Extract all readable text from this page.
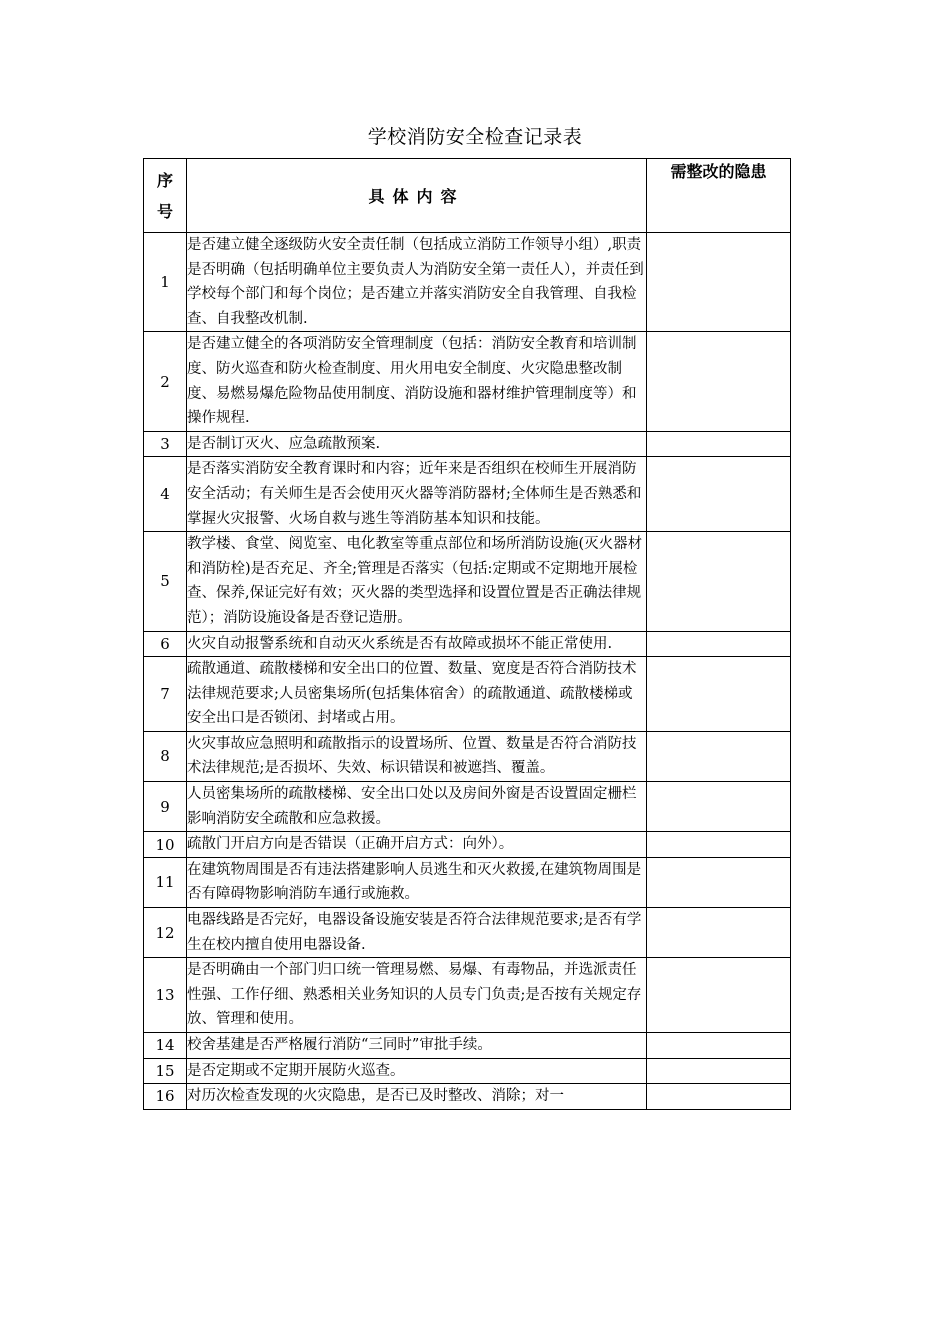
学校消防安全检查记录表
序
号	具体内容	需整改的隐患
1	是否建立健全逐级防火安全责任制（包括成立消防工作领导小组）,职责是否明确（包括明确单位主要负责人为消防安全第一责任人），并责任到学校每个部门和每个岗位；是否建立并落实消防安全自我管理、自我检查、自我整改机制.	
2	是否建立健全的各项消防安全管理制度（包括：消防安全教育和培训制度、防火巡查和防火检查制度、用火用电安全制度、火灾隐患整改制度、易燃易爆危险物品使用制度、消防设施和器材维护管理制度等）和操作规程.	
3	是否制订灭火、应急疏散预案.	
4	是否落实消防安全教育课时和内容；近年来是否组织在校师生开展消防安全活动；有关师生是否会使用灭火器等消防器材;全体师生是否熟悉和掌握火灾报警、火场自救与逃生等消防基本知识和技能。	
5	教学楼、食堂、阅览室、电化教室等重点部位和场所消防设施(灭火器材和消防栓)是否充足、齐全;管理是否落实（包括:定期或不定期地开展检查、保养,保证完好有效；灭火器的类型选择和设置位置是否正确法律规范）；消防设施设备是否登记造册。	
6	火灾自动报警系统和自动灭火系统是否有故障或损坏不能正常使用.	
7	疏散通道、疏散楼梯和安全出口的位置、数量、宽度是否符合消防技术法律规范要求;人员密集场所(包括集体宿舍）的疏散通道、疏散楼梯或安全出口是否锁闭、封堵或占用。	
8	火灾事故应急照明和疏散指示的设置场所、位置、数量是否符合消防技术法律规范;是否损坏、失效、标识错误和被遮挡、覆盖。	
9	人员密集场所的疏散楼梯、安全出口处以及房间外窗是否设置固定栅栏影响消防安全疏散和应急救援。	
10	疏散门开启方向是否错误（正确开启方式：向外）。	
11	在建筑物周围是否有违法搭建影响人员逃生和灭火救援,在建筑物周围是否有障碍物影响消防车通行或施救。	
12	电器线路是否完好，电器设备设施安装是否符合法律规范要求;是否有学生在校内擅自使用电器设备.	
13	是否明确由一个部门归口统一管理易燃、易爆、有毒物品，并选派责任性强、工作仔细、熟悉相关业务知识的人员专门负责;是否按有关规定存放、管理和使用。	
14	校舍基建是否严格履行消防“三同时”审批手续。	
15	是否定期或不定期开展防火巡查。	
16	对历次检查发现的火灾隐患，是否已及时整改、消除；对一	
